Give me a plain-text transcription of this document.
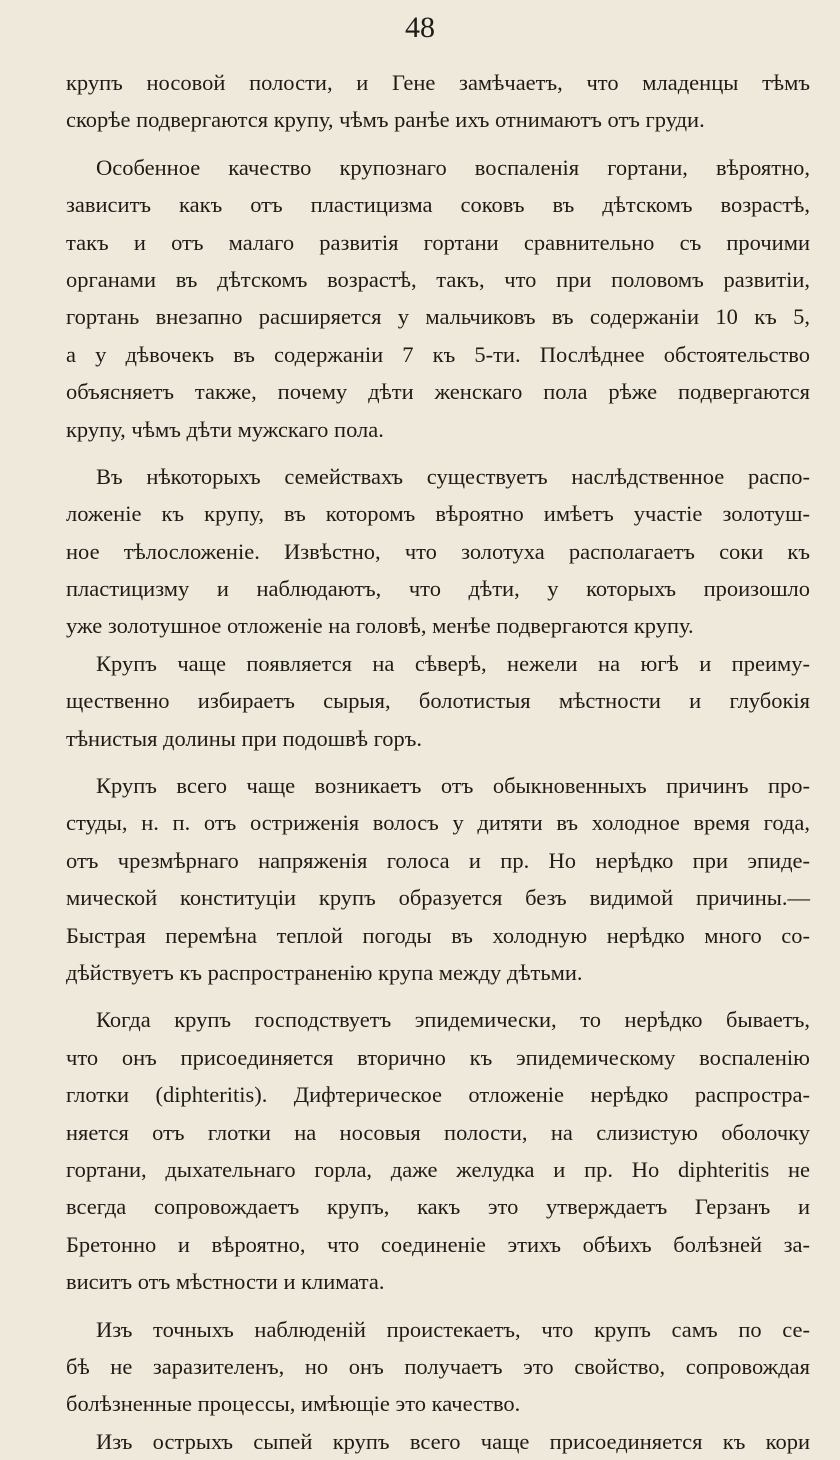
48
крупъ носовой полости, и Гене замѣчаетъ, что младенцы тѣмъ
скорѣе подвергаются крупу, чѣмъ ранѣе ихъ отнимаютъ отъ груди.
Особенное качество крупознаго воспаленія гортани, вѣроятно,
зависитъ какъ отъ пластицизма соковъ въ дѣтскомъ возрастѣ,
такъ и отъ малаго развитія гортани сравнительно съ прочими
органами въ дѣтскомъ возрастѣ, такъ, что при половомъ развитіи,
гортань внезапно расширяется у мальчиковъ въ содержаніи 10 къ 5,
а у дѣвочекъ въ содержаніи 7 къ 5-ти. Послѣднее обстоятельство
объясняетъ также, почему дѣти женскаго пола рѣже подвергаются
крупу, чѣмъ дѣти мужскаго пола.
Въ нѣкоторыхъ семействахъ существуетъ наслѣдственное распо-
ложеніе къ крупу, въ которомъ вѣроятно имѣетъ участіе золотуш-
ное тѣлосложеніе. Извѣстно, что золотуха располагаетъ соки къ
пластицизму и наблюдаютъ, что дѣти, у которыхъ произошло
уже золотушное отложеніе на головѣ, менѣе подвергаются крупу.
Крупъ чаще появляется на сѣверѣ, нежели на югѣ и преиму-
щественно избираетъ сырыя, болотистыя мѣстности и глубокія
тѣнистыя долины при подошвѣ горъ.
Крупъ всего чаще возникаетъ отъ обыкновенныхъ причинъ про-
студы, н. п. отъ остриженія волосъ у дитяти въ холодное время года,
отъ чрезмѣрнаго напряженія голоса и пр. Но нерѣдко при эпиде-
мической конституціи крупъ образуется безъ видимой причины.—
Быстрая перемѣна теплой погоды въ холодную нерѣдко много со-
дѣйствуетъ къ распространенію крупа между дѣтьми.
Когда крупъ господствуетъ эпидемически, то нерѣдко бываетъ,
что онъ присоединяется вторично къ эпидемическому воспаленію
глотки (diphteritis). Дифтерическое отложеніе нерѣдко распростра-
няется отъ глотки на носовыя полости, на слизистую оболочку
гортани, дыхательнаго горла, даже желудка и пр. Но diphteritis не
всегда сопровождаетъ крупъ, какъ это утверждаетъ Герзанъ и
Бретонно и вѣроятно, что соединеніе этихъ обѣихъ болѣзней за-
виситъ отъ мѣстности и климата.
Изъ точныхъ наблюденій проистекаетъ, что крупъ самъ по се-
бѣ не заразителенъ, но онъ получаетъ это свойство, сопровождая
болѣзненные процессы, имѣющіе это качество.
Изъ острыхъ сыпей крупъ всего чаще присоединяется къ кори
